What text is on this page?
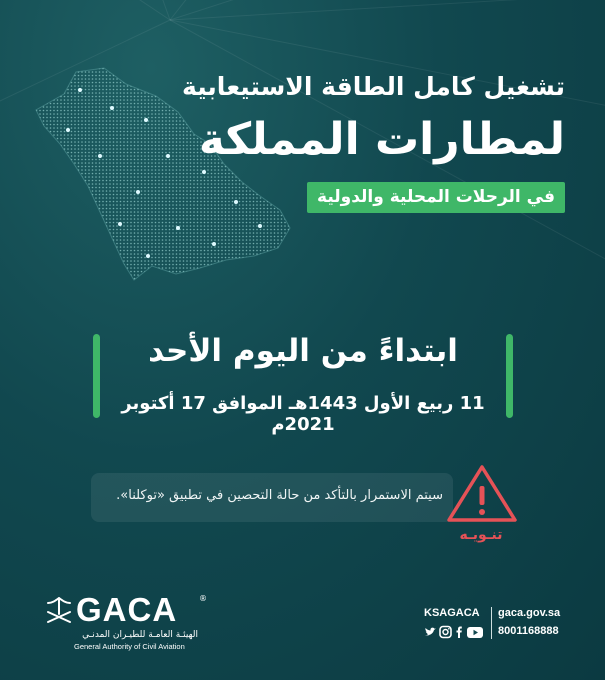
تشغيل كامل الطاقة الاستيعابية
لمطارات المملكة
في الرحلات المحلية والدولية
ابتداءً من اليوم الأحد
11 ربيع الأول 1443هـ الموافق 17 أكتوبر 2021م
سيتم الاستمرار بالتأكد من حالة التحصين في تطبيق «توكلنا».
تنـويـه
GACA	®
الهيئـة العامـة للطيـران المدنـي
General Authority of Civil Aviation
KSAGACA gaca.gov.sa
8001168888
